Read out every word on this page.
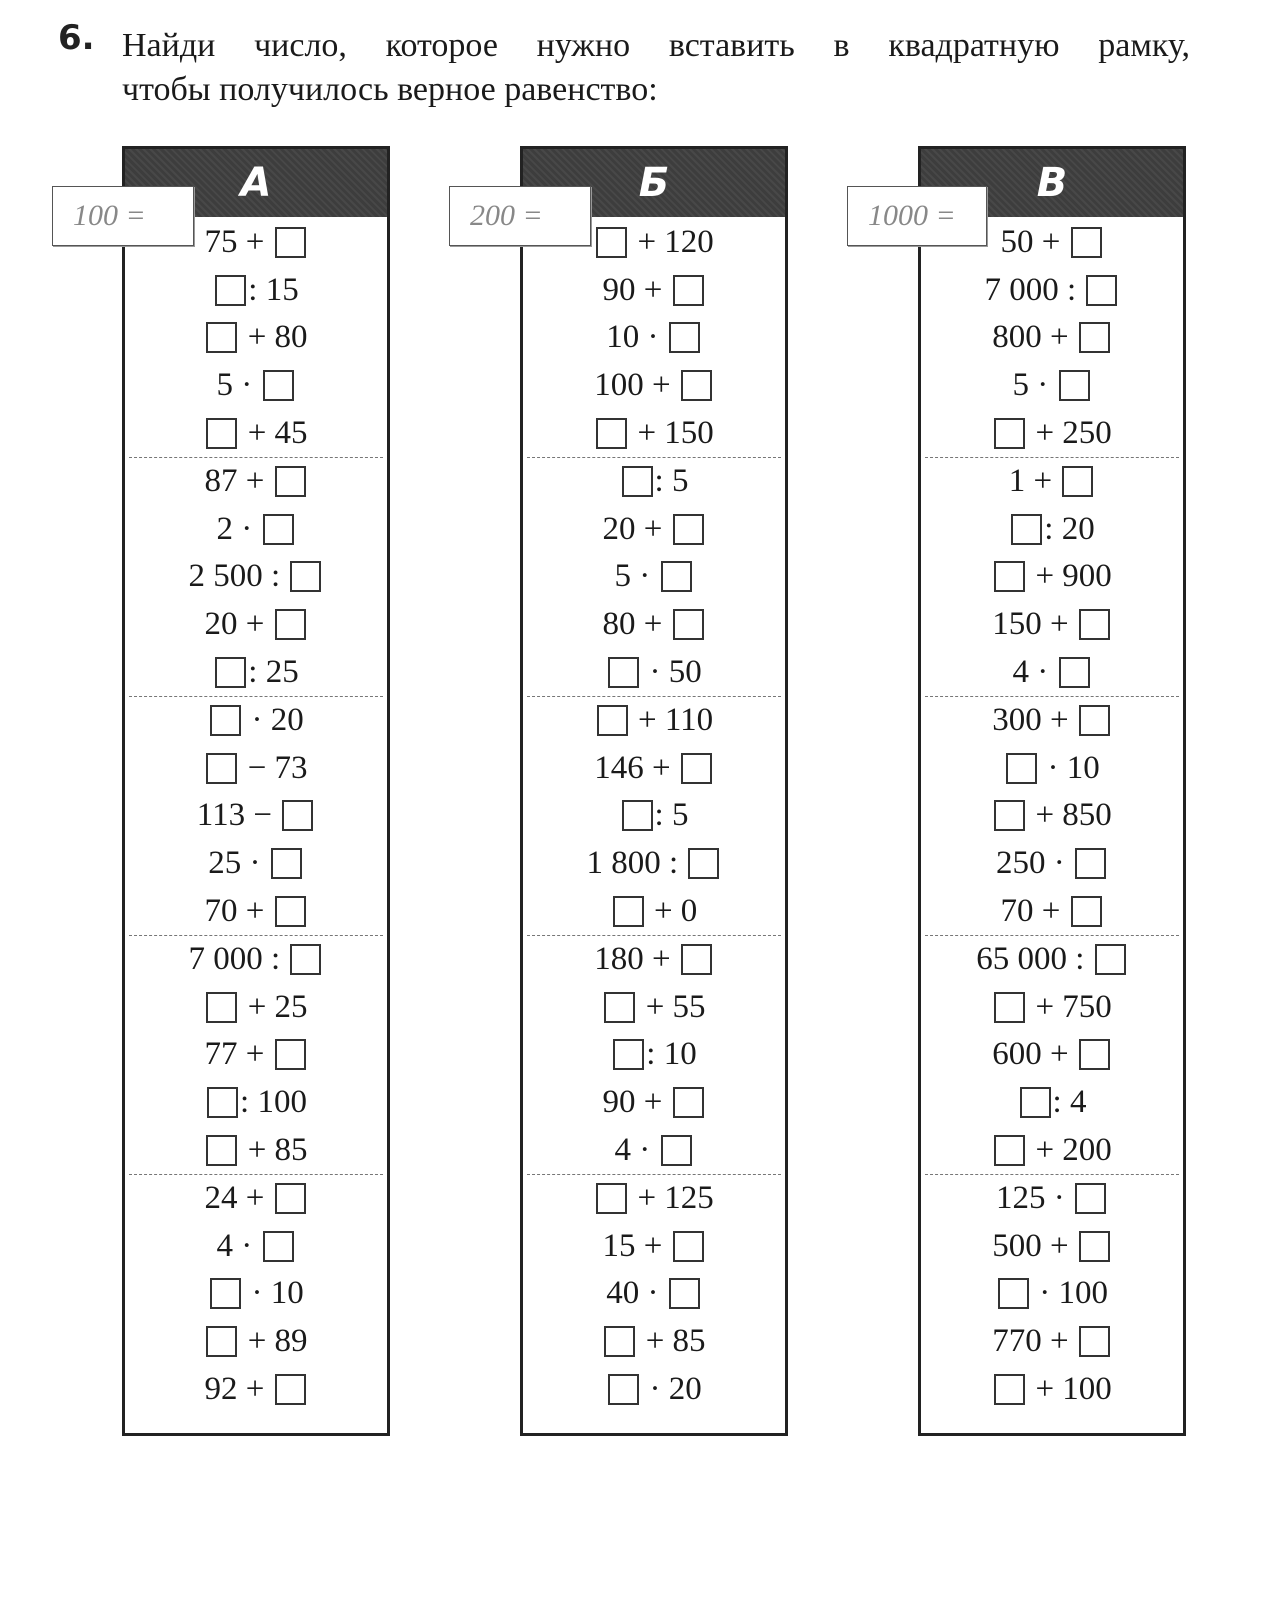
6. Найди число, которое нужно вставить в квадратную рамку,
чтобы получилось верное равенство:
А
75 +
: 15
+ 80
5 ·
+ 45
87 +
2 ·
2 500 :
20 +
: 25
· 20
− 73
113 −
25 ·
70 +
7 000 :
+ 25
77 +
: 100
+ 85
24 +
4 ·
· 10
+ 89
92 +
100 =
Б
+ 120
90 +
10 ·
100 +
+ 150
: 5
20 +
5 ·
80 +
· 50
+ 110
146 +
: 5
1 800 :
+ 0
180 +
+ 55
: 10
90 +
4 ·
+ 125
15 +
40 ·
+ 85
· 20
200 =
В
50 +
7 000 :
800 +
5 ·
+ 250
1 +
: 20
+ 900
150 +
4 ·
300 +
· 10
+ 850
250 ·
70 +
65 000 :
+ 750
600 +
: 4
+ 200
125 ·
500 +
· 100
770 +
+ 100
1000 =
